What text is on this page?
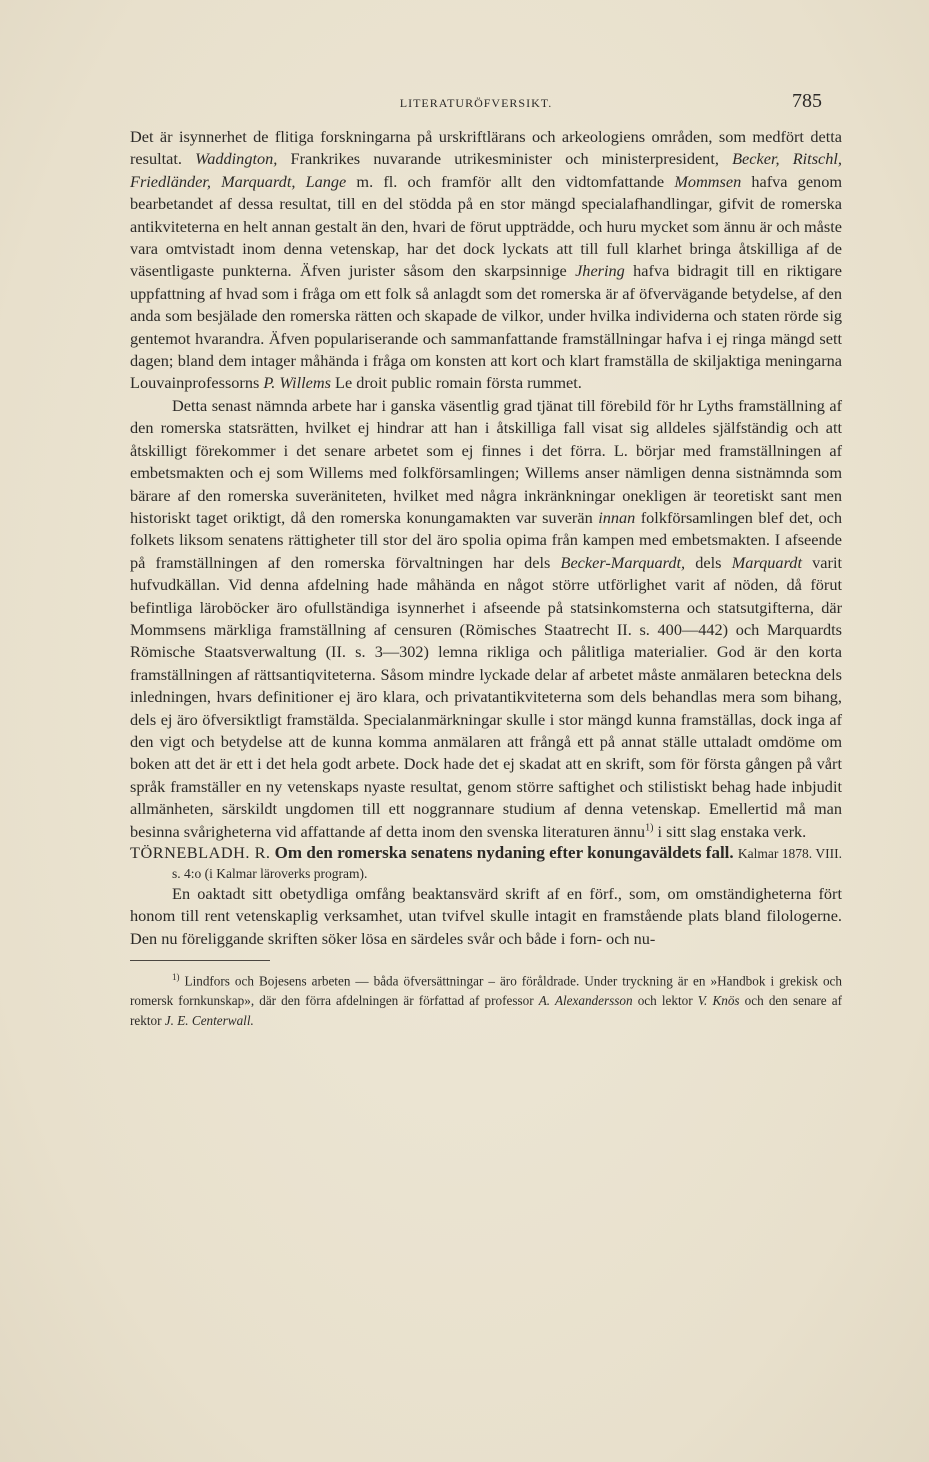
LITERATURÖFVERSIKT.	785

Det är isynnerhet de flitiga forskningarna på urskriftlärans och arkeologiens områden, som medfört detta resultat. Waddington, Frankrikes nuvarande utrikesminister och ministerpresident, Becker, Ritschl, Friedländer, Marquardt, Lange m. fl. och framför allt den vidtomfattande Mommsen hafva genom bearbetandet af dessa resultat, till en del stödda på en stor mängd specialafhandlingar, gifvit de romerska antikviteterna en helt annan gestalt än den, hvari de förut uppträdde, och huru mycket som ännu är och måste vara omtvistadt inom denna vetenskap, har det dock lyckats att till full klarhet bringa åtskilliga af de väsentligaste punkterna. Äfven jurister såsom den skarpsinnige Jhering hafva bidragit till en riktigare uppfattning af hvad som i fråga om ett folk så anlagdt som det romerska är af öfvervägande betydelse, af den anda som besjälade den romerska rätten och skapade de vilkor, under hvilka individerna och staten rörde sig gentemot hvarandra. Äfven populariserande och sammanfattande framställningar hafva i ej ringa mängd sett dagen; bland dem intager måhända i fråga om konsten att kort och klart framställa de skiljaktiga meningarna Louvainprofessorns P. Willems Le droit public romain första rummet.

Detta senast nämnda arbete har i ganska väsentlig grad tjänat till förebild för hr Lyths framställning af den romerska statsrätten, hvilket ej hindrar att han i åtskilliga fall visat sig alldeles själfständig och att åtskilligt förekommer i det senare arbetet som ej finnes i det förra. L. börjar med framställningen af embetsmakten och ej som Willems med folkförsamlingen; Willems anser nämligen denna sistnämnda som bärare af den romerska suveräniteten, hvilket med några inkränkningar onekligen är teoretiskt sant men historiskt taget oriktigt, då den romerska konungamakten var suverän innan folkförsamlingen blef det, och folkets liksom senatens rättigheter till stor del äro spolia opima från kampen med embetsmakten. I afseende på framställningen af den romerska förvaltningen har dels Becker-Marquardt, dels Marquardt varit hufvudkällan. Vid denna afdelning hade måhända en något större utförlighet varit af nöden, då förut befintliga läroböcker äro ofullständiga isynnerhet i afseende på statsinkomsterna och statsutgifterna, där Mommsens märkliga framställning af censuren (Römisches Staatrecht II. s. 400—442) och Marquardts Römische Staatsverwaltung (II. s. 3—302) lemna rikliga och pålitliga materialier. God är den korta framställningen af rättsantiqviteterna. Såsom mindre lyckade delar af arbetet måste anmälaren beteckna dels inledningen, hvars definitioner ej äro klara, och privatantikviteterna som dels behandlas mera som bihang, dels ej äro öfversiktligt framstäldа. Specialanmärkningar skulle i stor mängd kunna framställas, dock inga af den vigt och betydelse att de kunna komma anmälaren att frångå ett på annat ställe uttaladt omdöme om boken att det är ett i det hela godt arbete. Dock hade det ej skadat att en skrift, som för första gången på vårt språk framställer en ny vetenskaps nyaste resultat, genom större saftighet och stilistiskt behag hade inbjudit allmänheten, särskildt ungdomen till ett noggrannare studium af denna vetenskap. Emellertid må man besinna svårigheterna vid affattande af detta inom den svenska literaturen ännu$^{1)}$ i sitt slag enstaka verk.

TÖRNEBLADH. R. Om den romerska senatens nydaning efter konungaväldets fall. Kalmar 1878. VIII. s. 4:o (i Kalmar läroverks program).

En oaktadt sitt obetydliga omfång beaktansvärd skrift af en förf., som, om omständigheterna fört honom till rent vetenskaplig verksamhet, utan tvifvel skulle intagit en framstående plats bland filologerne. Den nu föreliggande skriften söker lösa en särdeles svår och både i forn- och nu-

$^{1)}$ Lindfors och Bojesens arbeten — båda öfversättningar – äro föråldrade. Under tryckning är en »Handbok i grekisk och romersk fornkunskap», där den förra afdelningen är författad af professor A. Alexandersson och lektor V. Knös och den senare af rektor J. E. Centerwall.
